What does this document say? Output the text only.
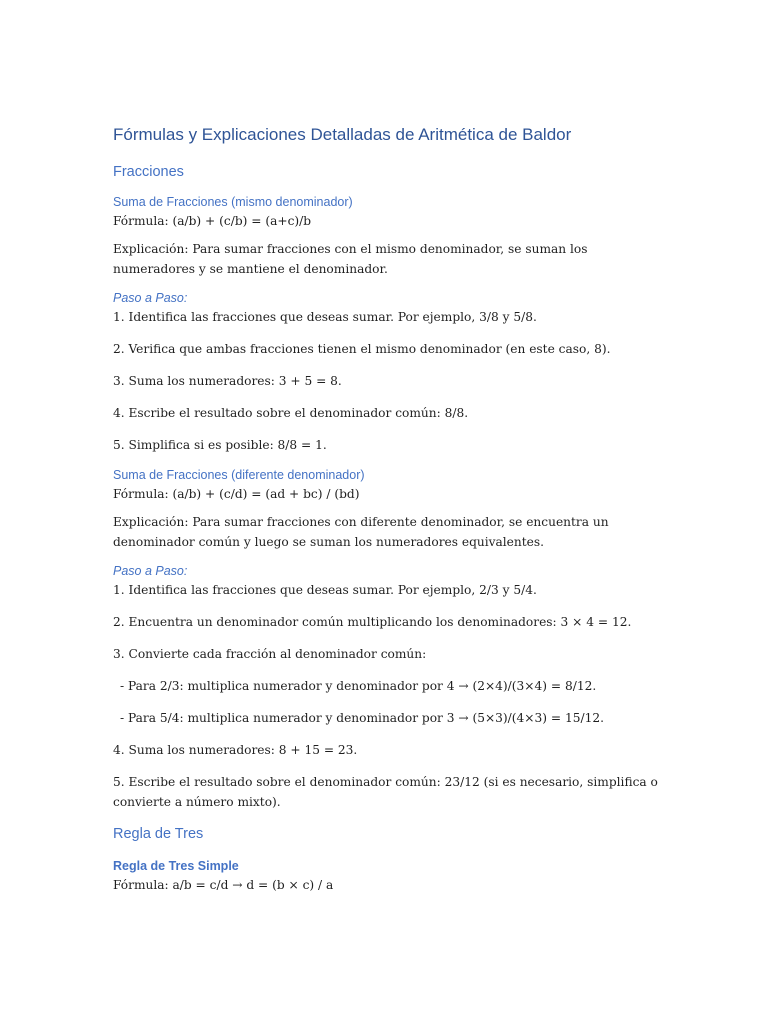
Fórmulas y Explicaciones Detalladas de Aritmética de Baldor
Fracciones
Suma de Fracciones (mismo denominador)

Fórmula: (a/b) + (c/b) = (a+c)/b

Explicación: Para sumar fracciones con el mismo denominador, se suman los numeradores y se mantiene el denominador.

Paso a Paso:

1. Identifica las fracciones que deseas sumar. Por ejemplo, 3/8 y 5/8.

2. Verifica que ambas fracciones tienen el mismo denominador (en este caso, 8).

3. Suma los numeradores: 3 + 5 = 8.

4. Escribe el resultado sobre el denominador común: 8/8.

5. Simplifica si es posible: 8/8 = 1.

Suma de Fracciones (diferente denominador)

Fórmula: (a/b) + (c/d) = (ad + bc) / (bd)

Explicación: Para sumar fracciones con diferente denominador, se encuentra un denominador común y luego se suman los numeradores equivalentes.

Paso a Paso:

1. Identifica las fracciones que deseas sumar. Por ejemplo, 2/3 y 5/4.

2. Encuentra un denominador común multiplicando los denominadores: 3 × 4 = 12.

3. Convierte cada fracción al denominador común:

- Para 2/3: multiplica numerador y denominador por 4 → (2×4)/(3×4) = 8/12.

- Para 5/4: multiplica numerador y denominador por 3 → (5×3)/(4×3) = 15/12.

4. Suma los numeradores: 8 + 15 = 23.

5. Escribe el resultado sobre el denominador común: 23/12 (si es necesario, simplifica o convierte a número mixto).

Regla de Tres
Regla de Tres Simple

Fórmula: a/b = c/d → d = (b × c) / a
